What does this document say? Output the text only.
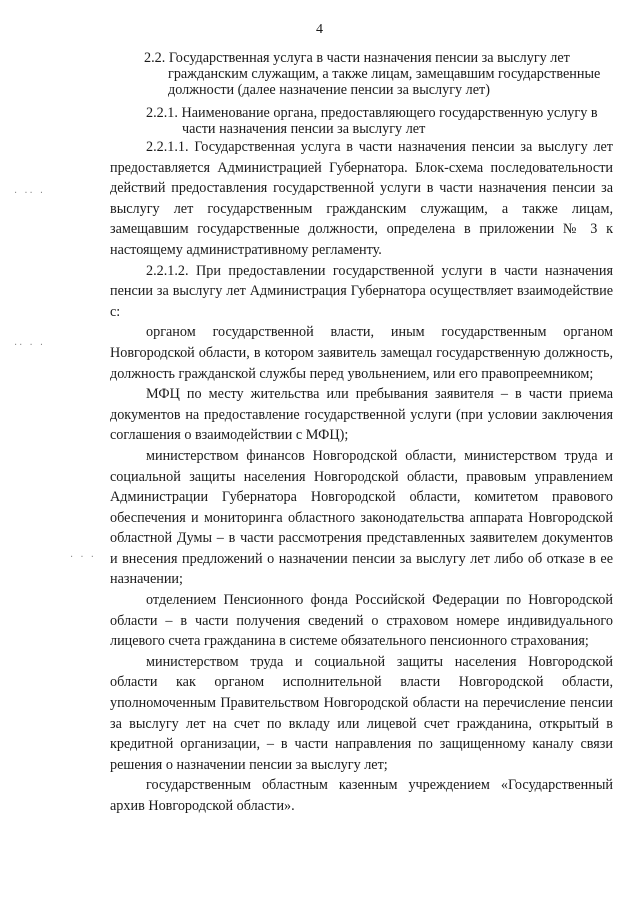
4

2.2. Государственная услуга в части назначения пенсии за выслугу лет гражданским служащим, а также лицам, замещавшим государственные должности (далее назначение пенсии за выслугу лет)

2.2.1. Наименование органа, предоставляющего государственную услугу в части назначения пенсии за выслугу лет

2.2.1.1. Государственная услуга в части назначения пенсии за выслугу лет предоставляется Администрацией Губернатора. Блок-схема последовательности действий предоставления государственной услуги в части назначения пенсии за выслугу лет государственным гражданским служащим, а также лицам, замещавшим государственные должности, определена в приложении № 3 к настоящему административному регламенту.

2.2.1.2. При предоставлении государственной услуги в части назначения пенсии за выслугу лет Администрация Губернатора осуществляет взаимодействие с:

органом государственной власти, иным государственным органом Новгородской области, в котором заявитель замещал государственную должность, должность гражданской службы перед увольнением, или его правопреемником;

МФЦ по месту жительства или пребывания заявителя – в части приема документов на предоставление государственной услуги (при условии заключения соглашения о взаимодействии с МФЦ);

министерством финансов Новгородской области, министерством труда и социальной защиты населения Новгородской области, правовым управлением Администрации Губернатора Новгородской области, комитетом правового обеспечения и мониторинга областного законодательства аппарата Новгородской областной Думы – в части рассмотрения представленных заявителем документов и внесения предложений о назначении пенсии за выслугу лет либо об отказе в ее назначении;

отделением Пенсионного фонда Российской Федерации по Новгородской области – в части получения сведений о страховом номере индивидуального лицевого счета гражданина в системе обязательного пенсионного страхования;

министерством труда и социальной защиты населения Новгородской области как органом исполнительной власти Новгородской области, уполномоченным Правительством Новгородской области на перечисление пенсии за выслугу лет на счет по вкладу или лицевой счет гражданина, открытый в кредитной организации, – в части направления по защищенному каналу связи решения о назначении пенсии за выслугу лет;

государственным областным казенным учреждением «Государственный архив Новгородской области».

· ·· ·
·· · ·
· · ·
